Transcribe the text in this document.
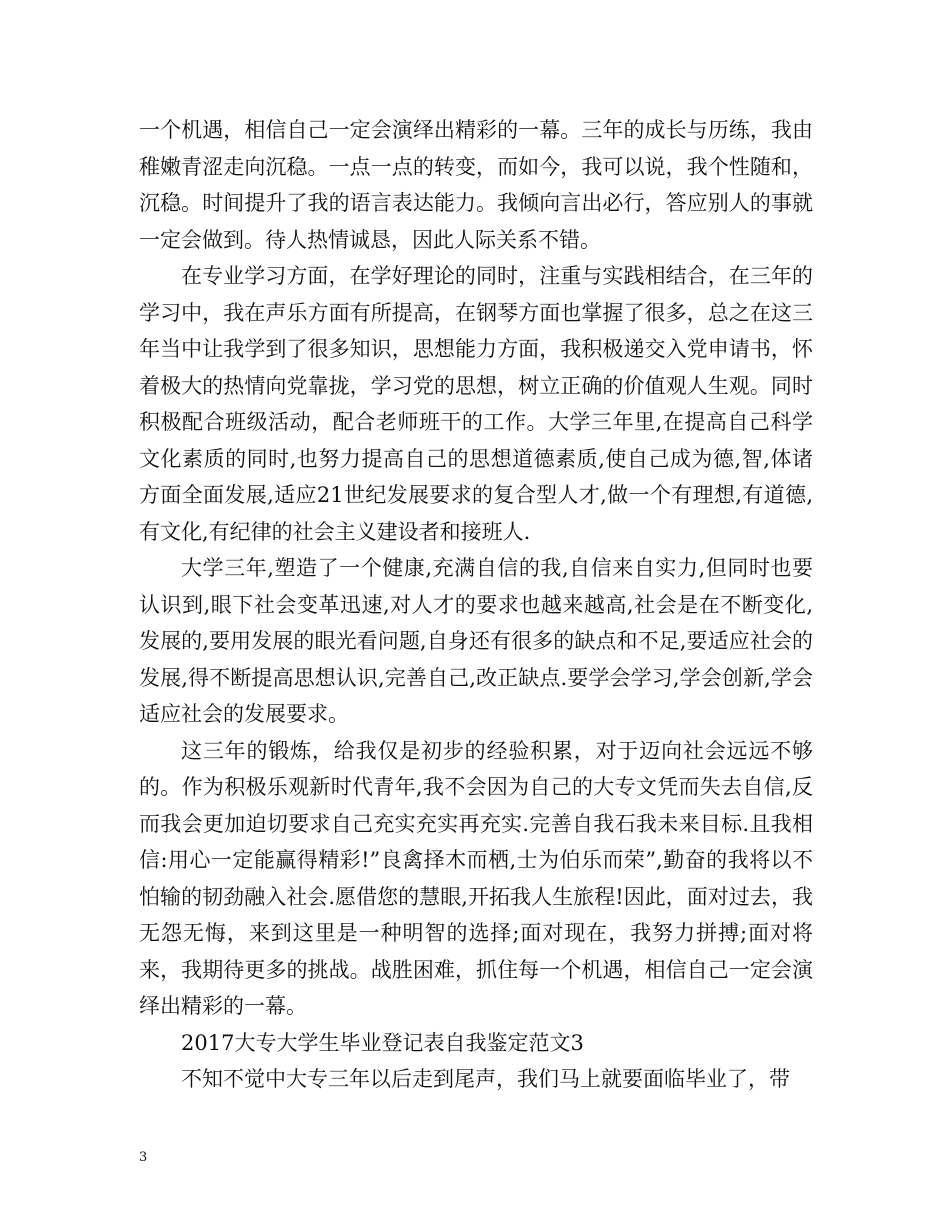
一个机遇，相信自己一定会演绎出精彩的一幕。三年的成长与历练，我由稚嫩青涩走向沉稳。一点一点的转变，而如今，我可以说，我个性随和，沉稳。时间提升了我的语言表达能力。我倾向言出必行，答应别人的事就一定会做到。待人热情诚恳，因此人际关系不错。

在专业学习方面，在学好理论的同时，注重与实践相结合，在三年的学习中，我在声乐方面有所提高，在钢琴方面也掌握了很多，总之在这三年当中让我学到了很多知识，思想能力方面，我积极递交入党申请书，怀着极大的热情向党靠拢，学习党的思想，树立正确的价值观人生观。同时积极配合班级活动，配合老师班干的工作。大学三年里,在提高自己科学文化素质的同时,也努力提高自己的思想道德素质,使自己成为德,智,体诸方面全面发展,适应21世纪发展要求的复合型人才,做一个有理想,有道德,有文化,有纪律的社会主义建设者和接班人.

大学三年,塑造了一个健康,充满自信的我,自信来自实力,但同时也要认识到,眼下社会变革迅速,对人才的要求也越来越高,社会是在不断变化,发展的,要用发展的眼光看问题,自身还有很多的缺点和不足,要适应社会的发展,得不断提高思想认识,完善自己,改正缺点.要学会学习,学会创新,学会适应社会的发展要求。

这三年的锻炼，给我仅是初步的经验积累，对于迈向社会远远不够的。作为积极乐观新时代青年,我不会因为自己的大专文凭而失去自信,反而我会更加迫切要求自己充实充实再充实.完善自我石我未来目标.且我相信:用心一定能赢得精彩!”良禽择木而栖,士为伯乐而荣”,勤奋的我将以不怕输的韧劲融入社会.愿借您的慧眼,开拓我人生旅程!因此，面对过去，我无怨无悔，来到这里是一种明智的选择;面对现在，我努力拼搏;面对将来，我期待更多的挑战。战胜困难，抓住每一个机遇，相信自己一定会演绎出精彩的一幕。

2017大专大学生毕业登记表自我鉴定范文3

不知不觉中大专三年以后走到尾声，我们马上就要面临毕业了，带

3
